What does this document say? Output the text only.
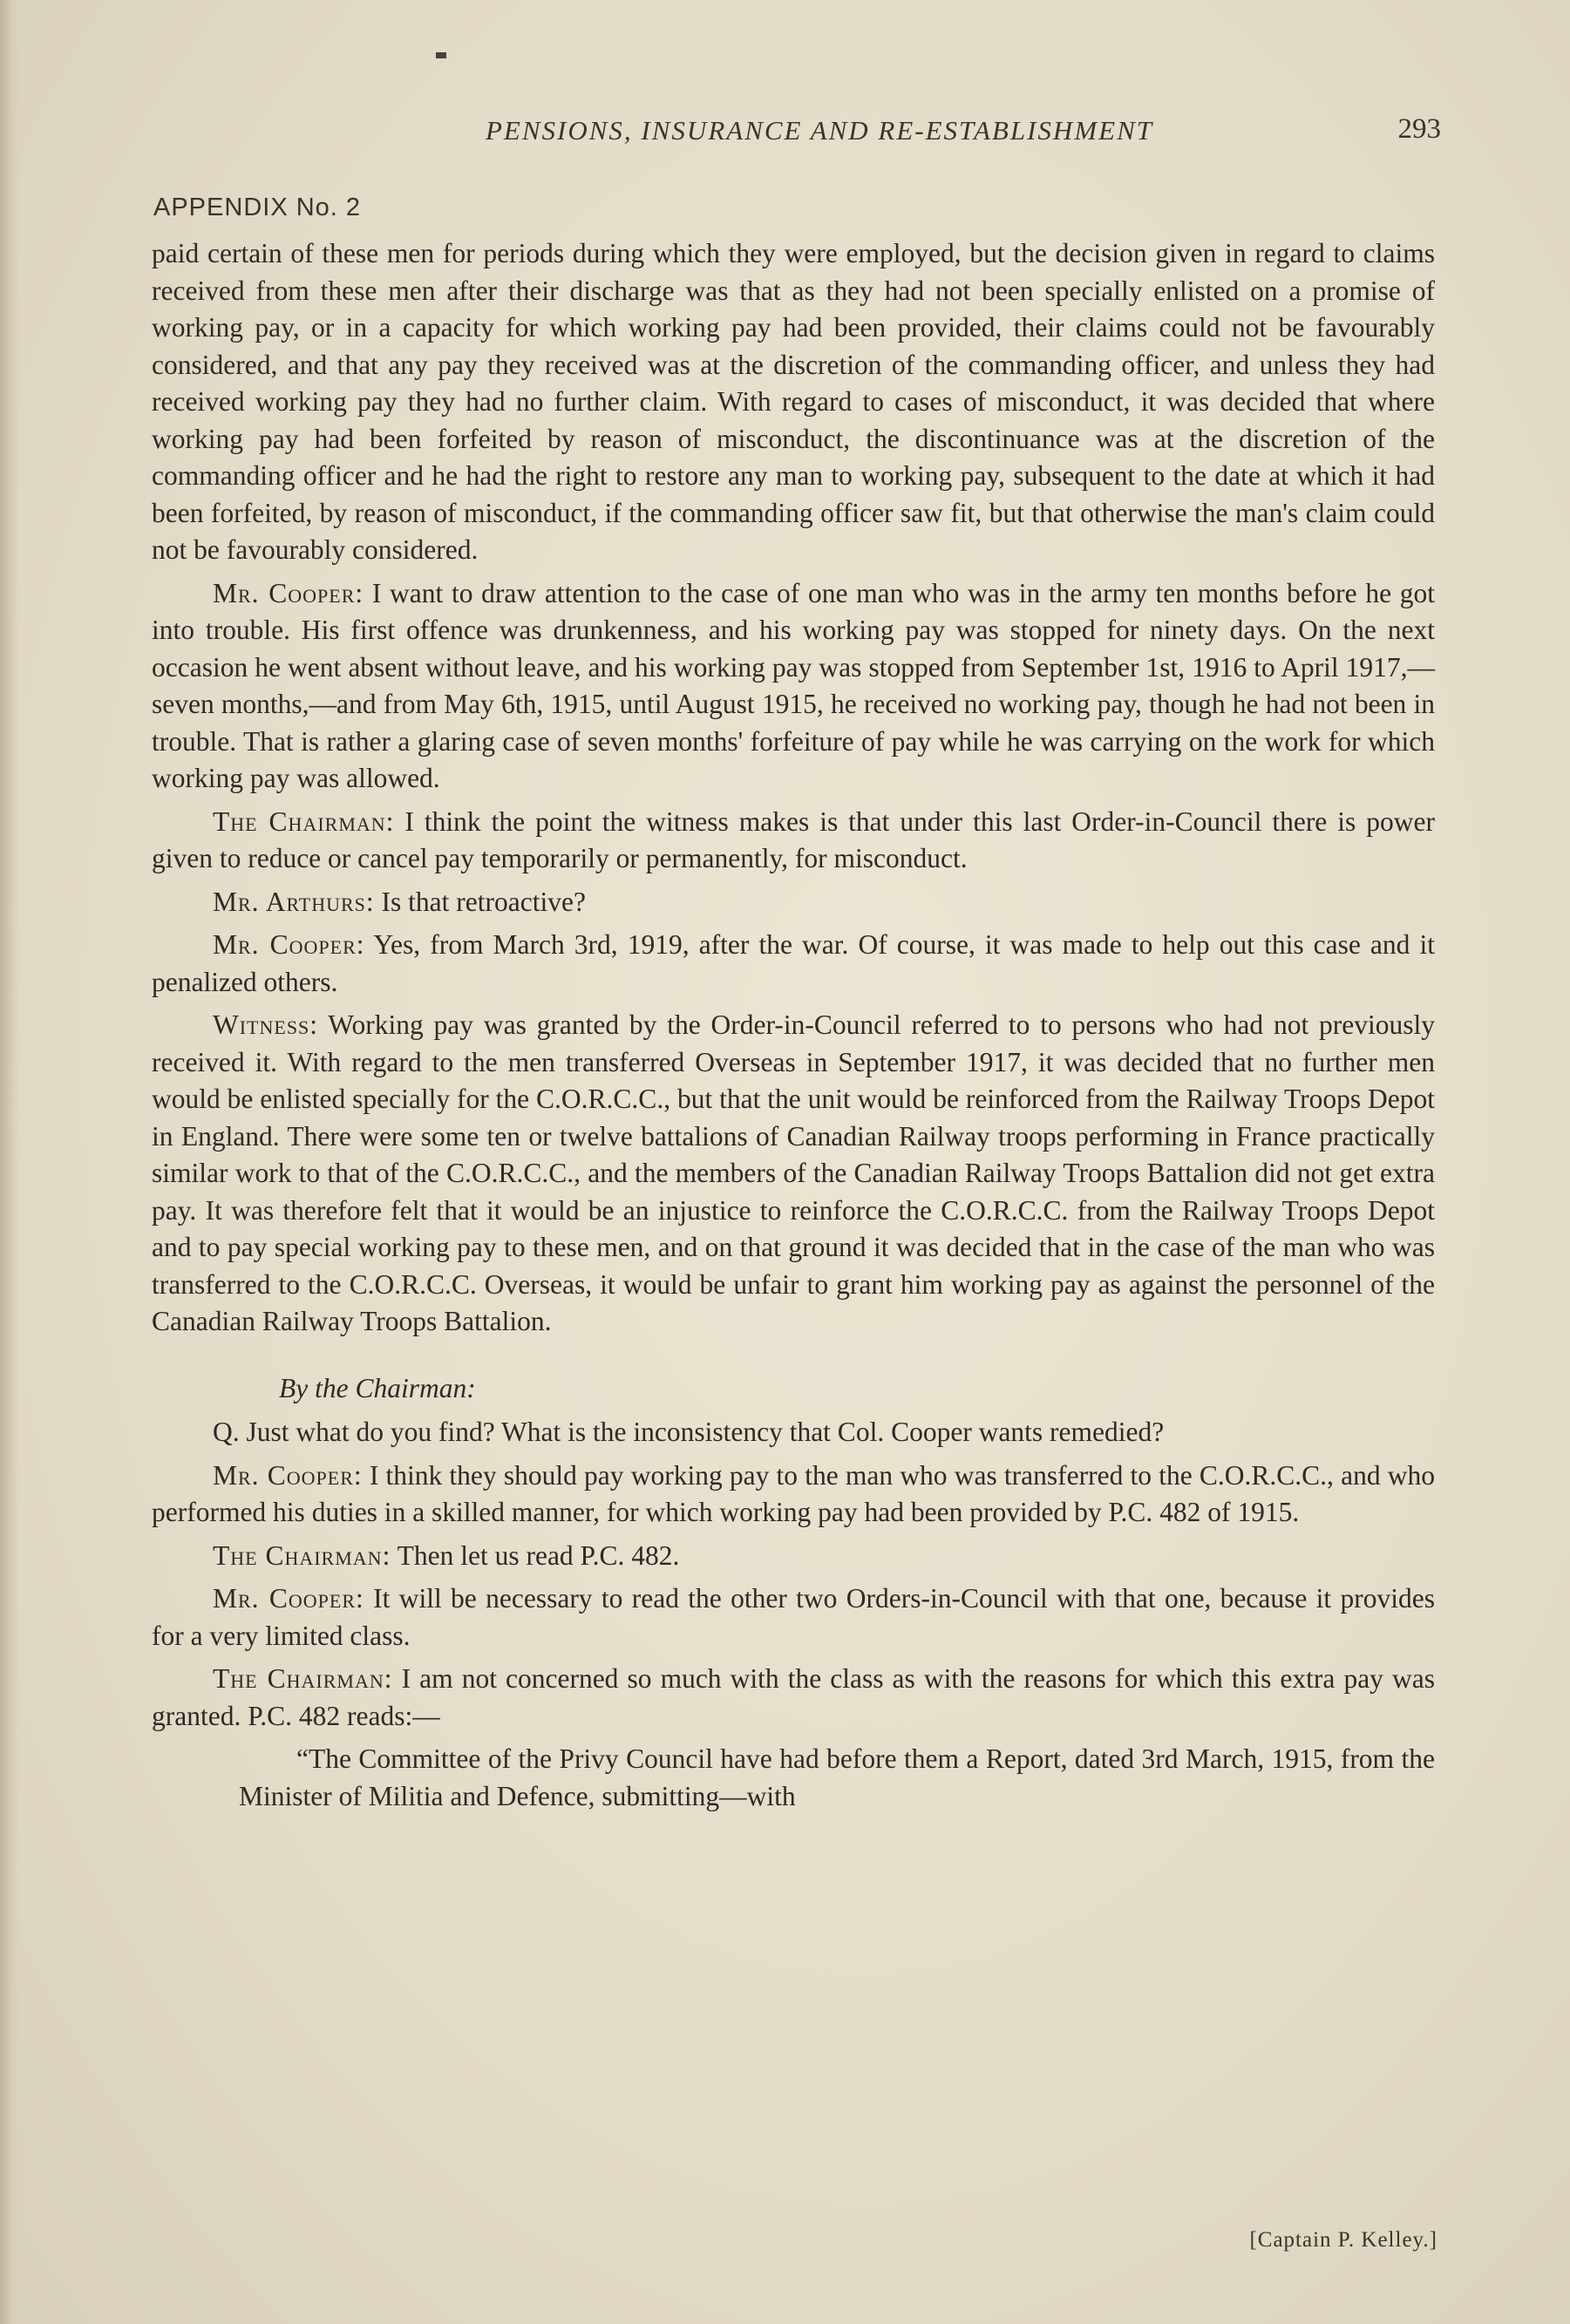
PENSIONS, INSURANCE AND RE-ESTABLISHMENT	293
APPENDIX No. 2

paid certain of these men for periods during which they were employed, but the decision given in regard to claims received from these men after their discharge was that as they had not been specially enlisted on a promise of working pay, or in a capacity for which working pay had been provided, their claims could not be favourably considered, and that any pay they received was at the discretion of the commanding officer, and unless they had received working pay they had no further claim. With regard to cases of misconduct, it was decided that where working pay had been forfeited by reason of misconduct, the discontinuance was at the discretion of the commanding officer and he had the right to restore any man to working pay, subsequent to the date at which it had been forfeited, by reason of misconduct, if the commanding officer saw fit, but that otherwise the man's claim could not be favourably considered.

Mr. Cooper: I want to draw attention to the case of one man who was in the army ten months before he got into trouble. His first offence was drunkenness, and his working pay was stopped for ninety days. On the next occasion he went absent without leave, and his working pay was stopped from September 1st, 1916 to April 1917,—seven months,—and from May 6th, 1915, until August 1915, he received no working pay, though he had not been in trouble. That is rather a glaring case of seven months' forfeiture of pay while he was carrying on the work for which working pay was allowed.

The Chairman: I think the point the witness makes is that under this last Order-in-Council there is power given to reduce or cancel pay temporarily or permanently, for misconduct.

Mr. Arthurs: Is that retroactive?

Mr. Cooper: Yes, from March 3rd, 1919, after the war. Of course, it was made to help out this case and it penalized others.

Witness: Working pay was granted by the Order-in-Council referred to to persons who had not previously received it. With regard to the men transferred Overseas in September 1917, it was decided that no further men would be enlisted specially for the C.O.R.C.C., but that the unit would be reinforced from the Railway Troops Depot in England. There were some ten or twelve battalions of Canadian Railway troops performing in France practically similar work to that of the C.O.R.C.C., and the members of the Canadian Railway Troops Battalion did not get extra pay. It was therefore felt that it would be an injustice to reinforce the C.O.R.C.C. from the Railway Troops Depot and to pay special working pay to these men, and on that ground it was decided that in the case of the man who was transferred to the C.O.R.C.C. Overseas, it would be unfair to grant him working pay as against the personnel of the Canadian Railway Troops Battalion.

By the Chairman:

Q. Just what do you find? What is the inconsistency that Col. Cooper wants remedied?

Mr. Cooper: I think they should pay working pay to the man who was transferred to the C.O.R.C.C., and who performed his duties in a skilled manner, for which working pay had been provided by P.C. 482 of 1915.

The Chairman: Then let us read P.C. 482.

Mr. Cooper: It will be necessary to read the other two Orders-in-Council with that one, because it provides for a very limited class.

The Chairman: I am not concerned so much with the class as with the reasons for which this extra pay was granted. P.C. 482 reads:—

“The Committee of the Privy Council have had before them a Report, dated 3rd March, 1915, from the Minister of Militia and Defence, submitting—with

[Captain P. Kelley.]
